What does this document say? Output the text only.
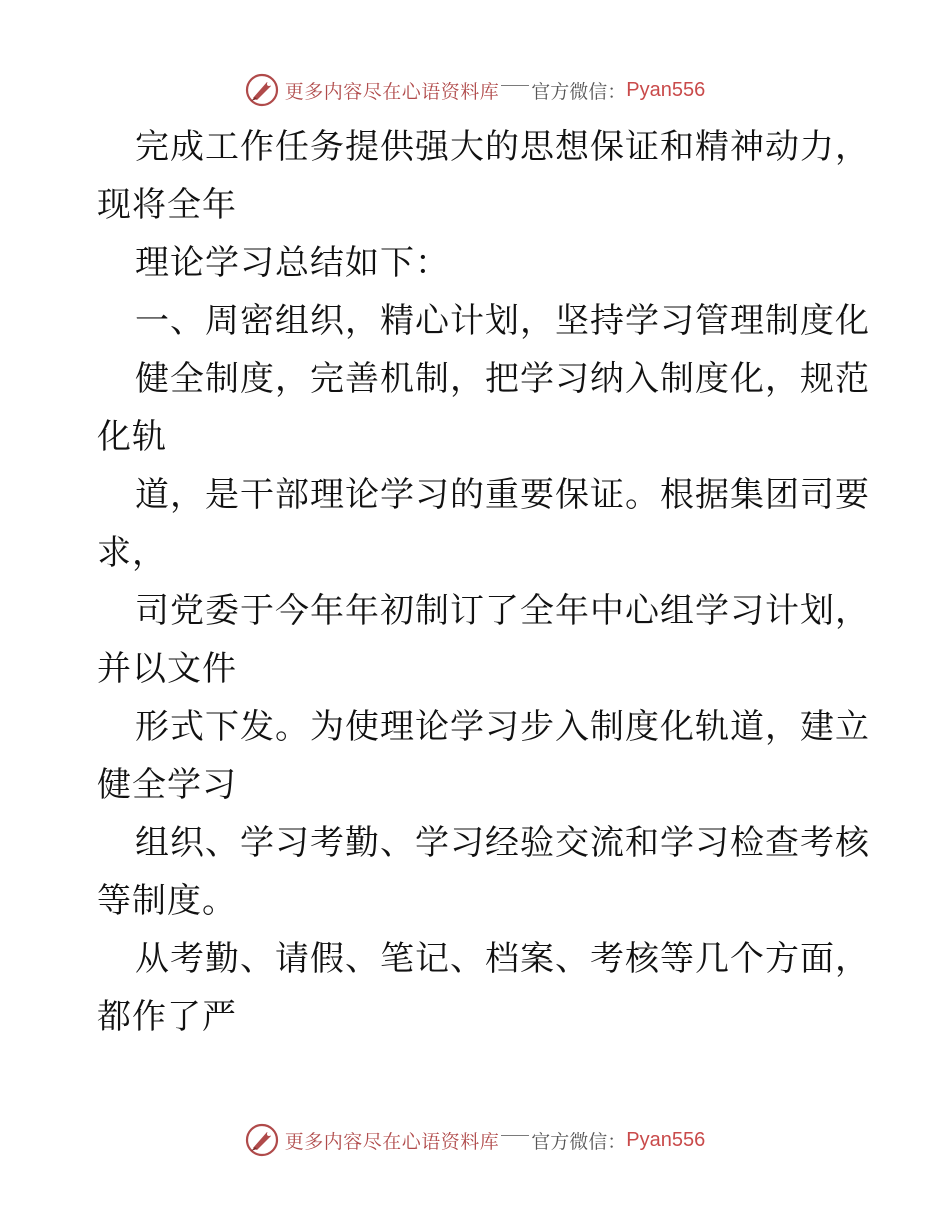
更多内容尽在心语资料库 官方微信： Pyan556
完成工作任务提供强大的思想保证和精神动力，
现将全年
理论学习总结如下：
一、周密组织，精心计划，坚持学习管理制度化
健全制度，完善机制，把学习纳入制度化，规范
化轨
道，是干部理论学习的重要保证。根据集团司要
求，
司党委于今年年初制订了全年中心组学习计划，
并以文件
形式下发。为使理论学习步入制度化轨道，建立
健全学习
组织、学习考勤、学习经验交流和学习检查考核
等制度。
从考勤、请假、笔记、档案、考核等几个方面，
都作了严
更多内容尽在心语资料库 官方微信： Pyan556
